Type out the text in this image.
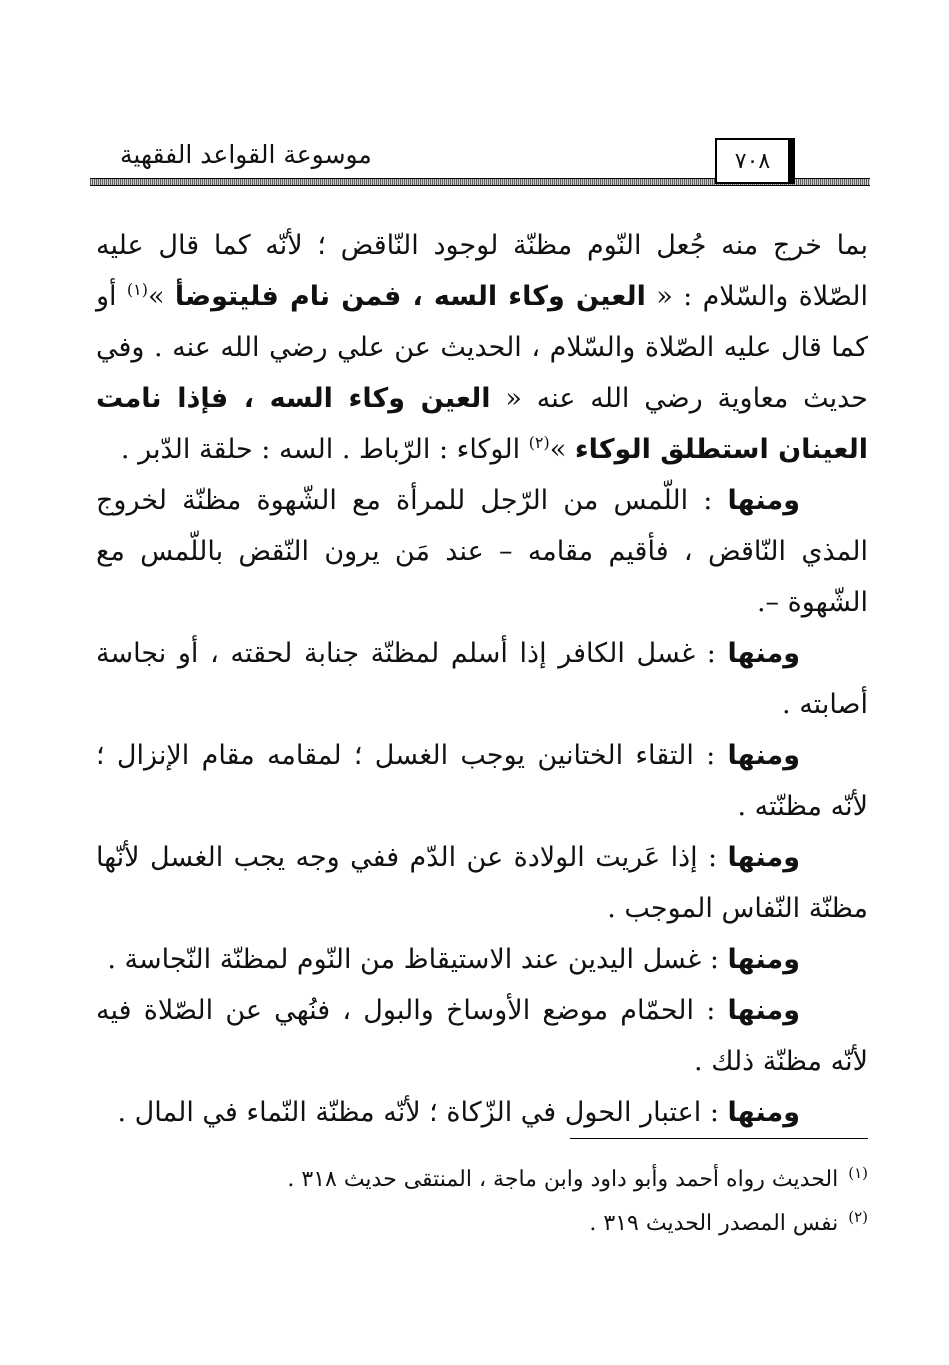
موسوعة القواعد الفقهية	٧٠٨

بما خرج منه جُعل النّوم مظنّة لوجود النّاقض ؛ لأنّه كما قال عليه الصّلاة والسّلام : « العين وكاء السه ، فمن نام فليتوضأ »$^{(١)}$ أو كما قال عليه الصّلاة والسّلام ، الحديث عن علي رضي الله عنه . وفي حديث معاوية رضي الله عنه « العين وكاء السه ، فإذا نامت العينان استطلق الوكاء »$^{(٢)}$ الوكاء : الرّباط . السه : حلقة الدّبر .

ومنها : اللّمس من الرّجل للمرأة مع الشّهوة مظنّة لخروج المذي النّاقض ، فأقيم مقامه – عند مَن يرون النّقض باللّمس مع الشّهوة –.

ومنها : غسل الكافر إذا أسلم لمظنّة جنابة لحقته ، أو نجاسة أصابته .

ومنها : التقاء الختانين يوجب الغسل ؛ لمقامه مقام الإنزال ؛ لأنّه مظنّته .

ومنها : إذا عَريت الولادة عن الدّم ففي وجه يجب الغسل لأنّها مظنّة النّفاس الموجب .

ومنها : غسل اليدين عند الاستيقاظ من النّوم لمظنّة النّجاسة .

ومنها : الحمّام موضع الأوساخ والبول ، فنُهي عن الصّلاة فيه لأنّه مظنّة ذلك .

ومنها : اعتبار الحول في الزّكاة ؛ لأنّه مظنّة النّماء في المال .

$^{(١)}$الحديث رواه أحمد وأبو داود وابن ماجة ، المنتقى حديث ٣١٨ .

$^{(٢)}$نفس المصدر الحديث ٣١٩ .
